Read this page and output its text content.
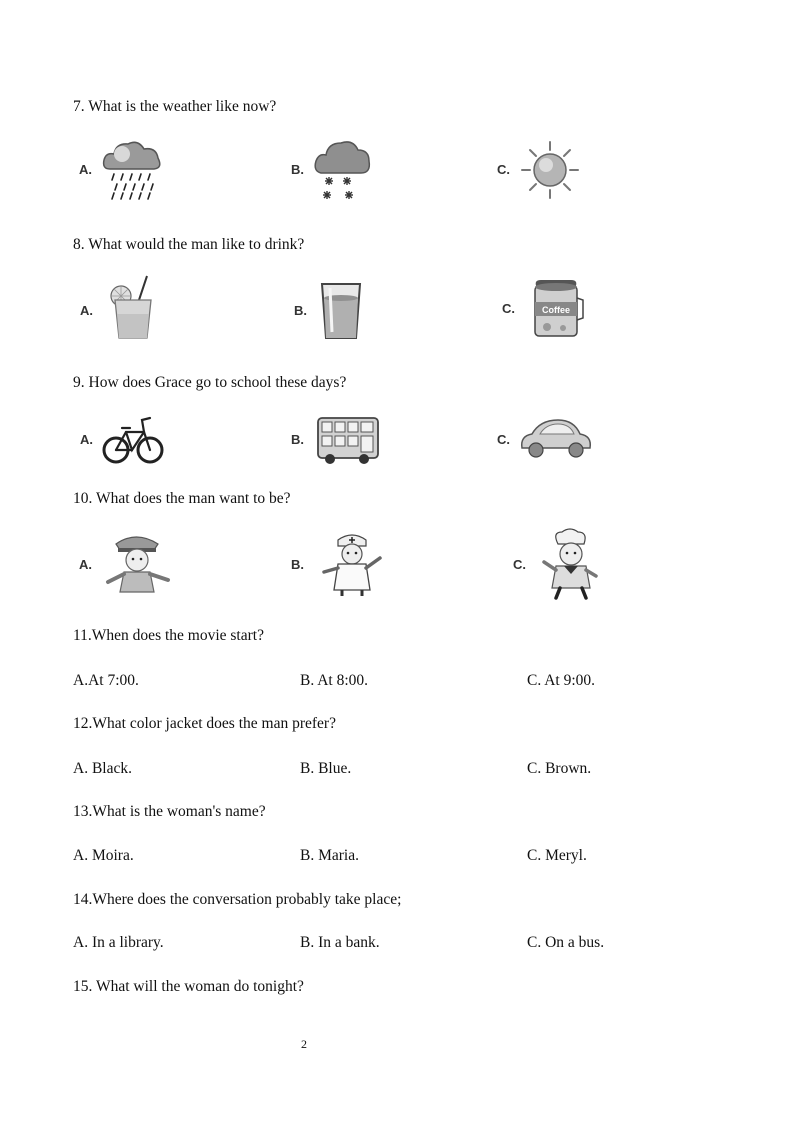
7. What is the weather like now?
A.	B.	C.
8. What would the man like to drink?
A.	B.	C.	Coffee
9. How does Grace go to school these days?
A.	B.	C.
10. What does the man want to be?
A.	B.	C.
11.When does the movie start?
A.At 7:00.	B. At 8:00.	C. At 9:00.
12.What color jacket does the man prefer?
A. Black.	B. Blue.	C. Brown.
13.What is the woman's name?
A. Moira.	B. Maria.	C. Meryl.
14.Where does the conversation probably take place;
A. In a library.	B. In a bank.	C. On a bus.
15. What will the woman do tonight?
2
